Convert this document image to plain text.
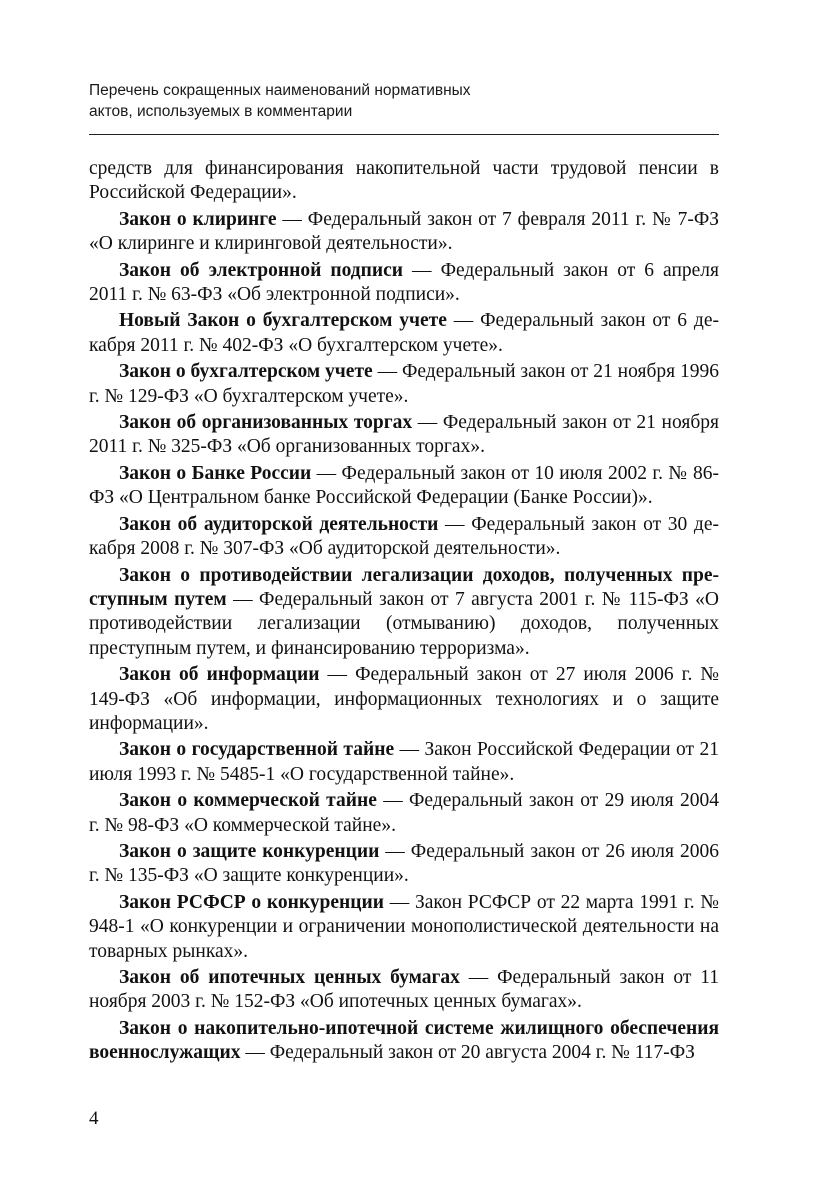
Перечень сокращенных наименований нормативных
актов, используемых в комментарии

средств для финансирования накопительной части трудовой пенсии в Российской Федерации».

Закон о клиринге — Федеральный закон от 7 февраля 2011 г. № 7-ФЗ «О клиринге и клиринговой деятельности».

Закон об электронной подписи — Федеральный закон от 6 апреля 2011 г. № 63-ФЗ «Об электронной подписи».

Новый Закон о бухгалтерском учете — Федеральный закон от 6 декабря 2011 г. № 402-ФЗ «О бухгалтерском учете».

Закон о бухгалтерском учете — Федеральный закон от 21 ноября 1996 г. № 129-ФЗ «О бухгалтерском учете».

Закон об организованных торгах — Федеральный закон от 21 ноября 2011 г. № 325-ФЗ «Об организованных торгах».

Закон о Банке России — Федеральный закон от 10 июля 2002 г. № 86-ФЗ «О Центральном банке Российской Федерации (Банке России)».

Закон об аудиторской деятельности — Федеральный закон от 30 декабря 2008 г. № 307-ФЗ «Об аудиторской деятельности».

Закон о противодействии легализации доходов, полученных преступным путем — Федеральный закон от 7 августа 2001 г. № 115-ФЗ «О противодействии легализации (отмыванию) доходов, полученных преступным путем, и финансированию терроризма».

Закон об информации — Федеральный закон от 27 июля 2006 г. № 149-ФЗ «Об информации, информационных технологиях и о защите информации».

Закон о государственной тайне — Закон Российской Федерации от 21 июля 1993 г. № 5485-1 «О государственной тайне».

Закон о коммерческой тайне — Федеральный закон от 29 июля 2004 г. № 98-ФЗ «О коммерческой тайне».

Закон о защите конкуренции — Федеральный закон от 26 июля 2006 г. № 135-ФЗ «О защите конкуренции».

Закон РСФСР о конкуренции — Закон РСФСР от 22 марта 1991 г. № 948-1 «О конкуренции и ограничении монополистической деятельности на товарных рынках».

Закон об ипотечных ценных бумагах — Федеральный закон от 11 ноября 2003 г. № 152-ФЗ «Об ипотечных ценных бумагах».

Закон о накопительно-ипотечной системе жилищного обеспечения военнослужащих — Федеральный закон от 20 августа 2004 г. № 117-ФЗ

4
